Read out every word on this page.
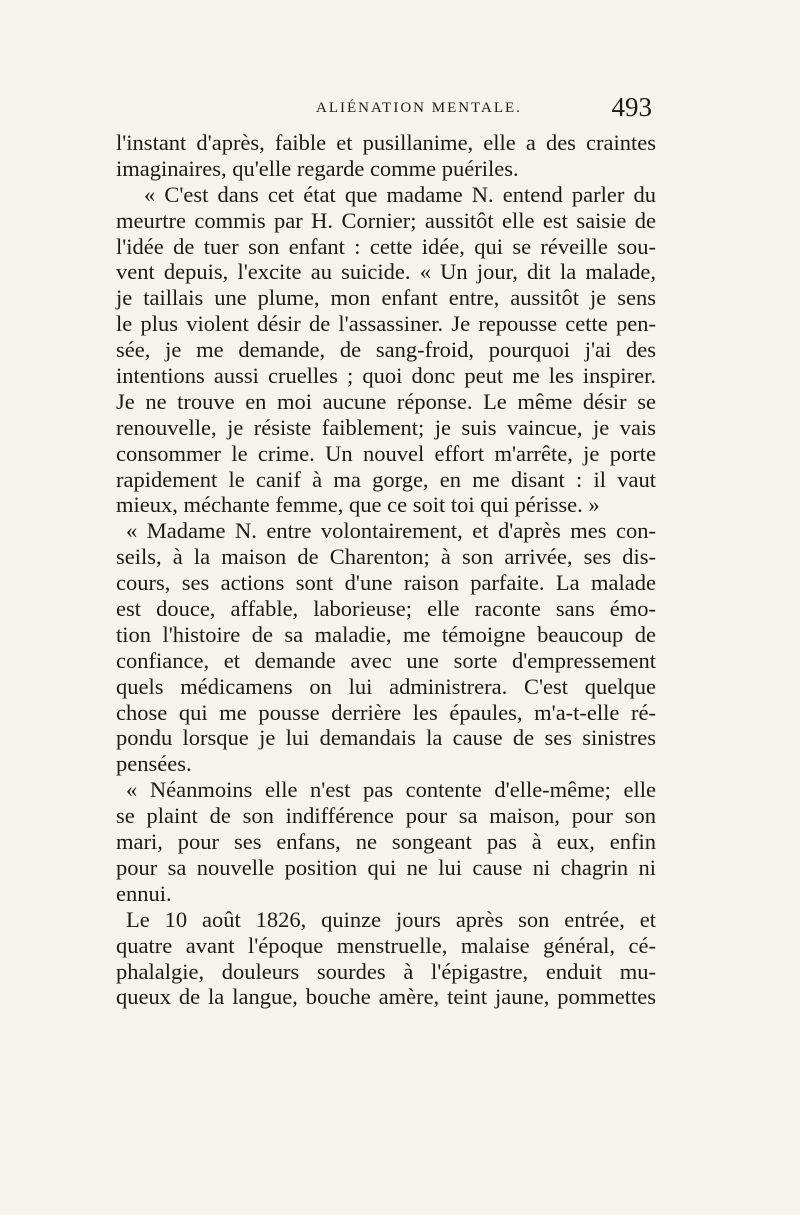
ALIÉNATION MENTALE.	493
l'instant d'après, faible et pusillanime, elle a des craintes
imaginaires, qu'elle regarde comme puériles.
« C'est dans cet état que madame N. entend parler du
meurtre commis par H. Cornier; aussitôt elle est saisie de
l'idée de tuer son enfant : cette idée, qui se réveille sou-
vent depuis, l'excite au suicide. « Un jour, dit la malade,
je taillais une plume, mon enfant entre, aussitôt je sens
le plus violent désir de l'assassiner. Je repousse cette pen-
sée, je me demande, de sang-froid, pourquoi j'ai des
intentions aussi cruelles ; quoi donc peut me les inspirer.
Je ne trouve en moi aucune réponse. Le même désir se
renouvelle, je résiste faiblement; je suis vaincue, je vais
consommer le crime. Un nouvel effort m'arrête, je porte
rapidement le canif à ma gorge, en me disant : il vaut
mieux, méchante femme, que ce soit toi qui périsse. »
« Madame N. entre volontairement, et d'après mes con-
seils, à la maison de Charenton; à son arrivée, ses dis-
cours, ses actions sont d'une raison parfaite. La malade
est douce, affable, laborieuse; elle raconte sans émo-
tion l'histoire de sa maladie, me témoigne beaucoup de
confiance, et demande avec une sorte d'empressement
quels médicamens on lui administrera. C'est quelque
chose qui me pousse derrière les épaules, m'a-t-elle ré-
pondu lorsque je lui demandais la cause de ses sinistres
pensées.
« Néanmoins elle n'est pas contente d'elle-même; elle
se plaint de son indifférence pour sa maison, pour son
mari, pour ses enfans, ne songeant pas à eux, enfin
pour sa nouvelle position qui ne lui cause ni chagrin ni
ennui.
Le 10 août 1826, quinze jours après son entrée, et
quatre avant l'époque menstruelle, malaise général, cé-
phalalgie, douleurs sourdes à l'épigastre, enduit mu-
queux de la langue, bouche amère, teint jaune, pommettes
